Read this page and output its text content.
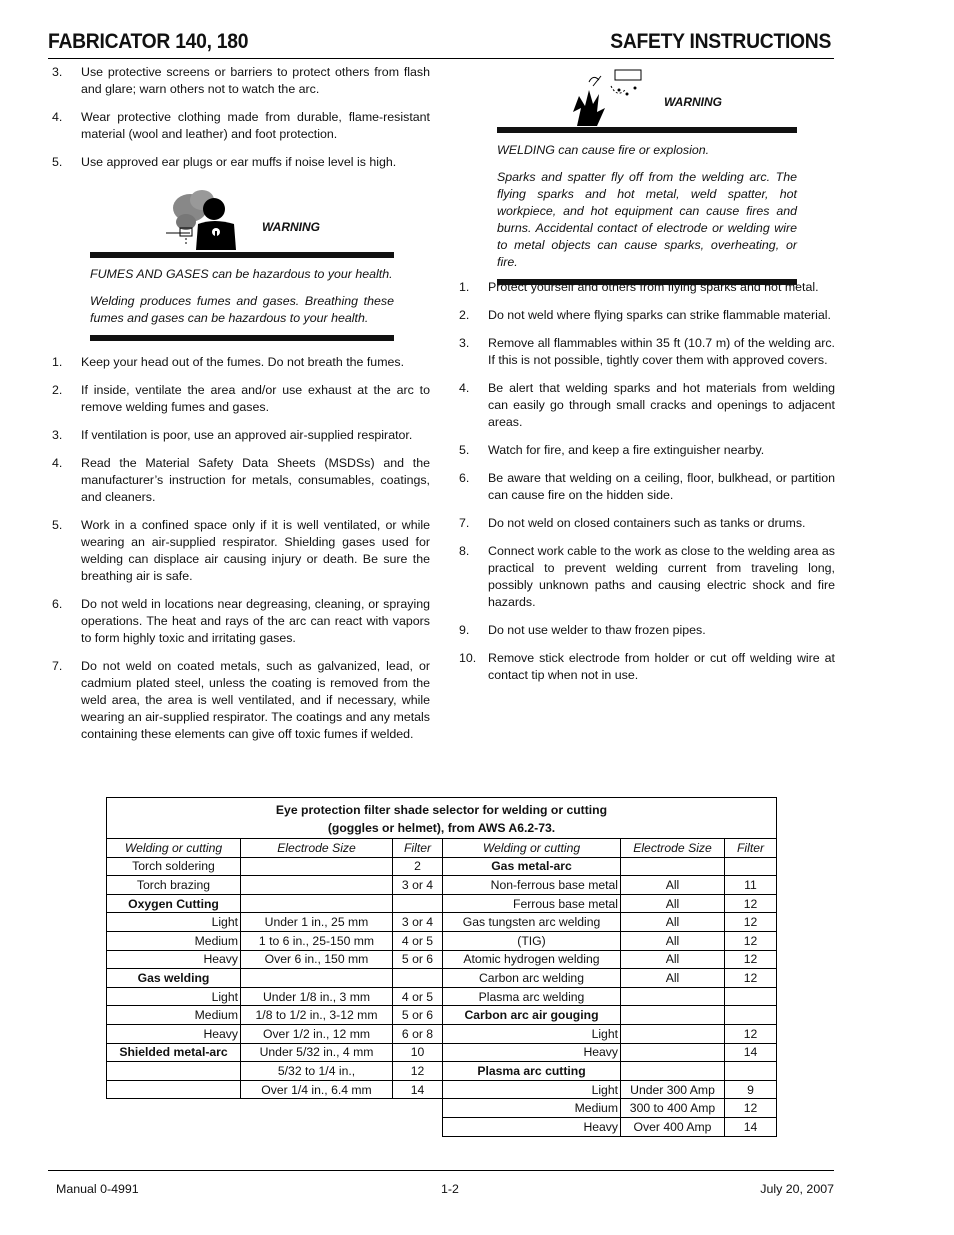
FABRICATOR 140, 180	SAFETY INSTRUCTIONS
3. Use protective screens or barriers to protect others from flash and glare; warn others not to watch the arc.
4. Wear protective clothing made from durable, flame-resistant material (wool and leather) and foot protection.
5. Use approved ear plugs or ear muffs if noise level is high.
WARNING

FUMES AND GASES can be hazardous to your health.

Welding produces fumes and gases. Breathing these fumes and gases can be hazardous to your health.

1. Keep your head out of the fumes. Do not breath the fumes.
2. If inside, ventilate the area and/or use exhaust at the arc to remove welding fumes and gases.
3. If ventilation is poor, use an approved air-supplied respirator.
4. Read the Material Safety Data Sheets (MSDSs) and the manufacturer’s instruction for metals, consumables, coatings, and cleaners.
5. Work in a confined space only if it is well ventilated, or while wearing an air-supplied respirator. Shielding gases used for welding can displace air causing injury or death. Be sure the breathing air is safe.
6. Do not weld in locations near degreasing, cleaning, or spraying operations. The heat and rays of the arc can react with vapors to form highly toxic and irritating gases.
7. Do not weld on coated metals, such as galvanized, lead, or cadmium plated steel, unless the coating is removed from the weld area, the area is well ventilated, and if necessary, while wearing an air-supplied respirator. The coatings and any metals containing these elements can give off toxic fumes if welded.
WARNING

WELDING can cause fire or explosion.

Sparks and spatter fly off from the welding arc. The flying sparks and hot metal, weld spatter, hot workpiece, and hot equipment can cause fires and burns. Accidental contact of electrode or welding wire to metal objects can cause sparks, overheating, or fire.

1. Protect yourself and others from flying sparks and hot metal.
2. Do not weld where flying sparks can strike flammable material.
3. Remove all flammables within 35 ft (10.7 m) of the welding arc. If this is not possible, tightly cover them with approved covers.
4. Be alert that welding sparks and hot materials from welding can easily go through small cracks and openings to adjacent areas.
5. Watch for fire, and keep a fire extinguisher nearby.
6. Be aware that welding on a ceiling, floor, bulkhead, or partition can cause fire on the hidden side.
7. Do not weld on closed containers such as tanks or drums.
8. Connect work cable to the work as close to the welding area as practical to prevent welding current from traveling long, possibly unknown paths and causing electric shock and fire hazards.
9. Do not use welder to thaw frozen pipes.
10. Remove stick electrode from holder or cut off welding wire at contact tip when not in use.
Eye protection filter shade selector for welding or cutting
(goggles or helmet), from AWS A6.2-73.					
Welding or cutting	Electrode Size	Filter	Welding or cutting	Electrode Size	Filter
Torch soldering		2	Gas metal-arc		
Torch brazing		3 or 4	Non-ferrous base metal	All	11
Oxygen Cutting			Ferrous base metal	All	12
Light	Under 1 in., 25 mm	3 or 4	Gas tungsten arc welding	All	12
Medium	1 to 6 in., 25-150 mm	4 or 5	(TIG)	All	12
Heavy	Over 6 in., 150 mm	5 or 6	Atomic hydrogen welding	All	12
Gas welding			Carbon arc welding	All	12
Light	Under 1/8 in., 3 mm	4 or 5	Plasma arc welding		
Medium	1/8 to 1/2 in., 3-12 mm	5 or 6	Carbon arc air gouging		
Heavy	Over 1/2 in., 12 mm	6 or 8	Light		12
Shielded metal-arc	Under 5/32 in., 4 mm	10	Heavy		14
	5/32 to 1/4 in.,	12	Plasma arc cutting		
	Over 1/4 in., 6.4 mm	14	Light	Under 300 Amp	9
			Medium	300 to 400 Amp	12
			Heavy	Over 400 Amp	14
Manual 0-4991	1-2	July 20, 2007
